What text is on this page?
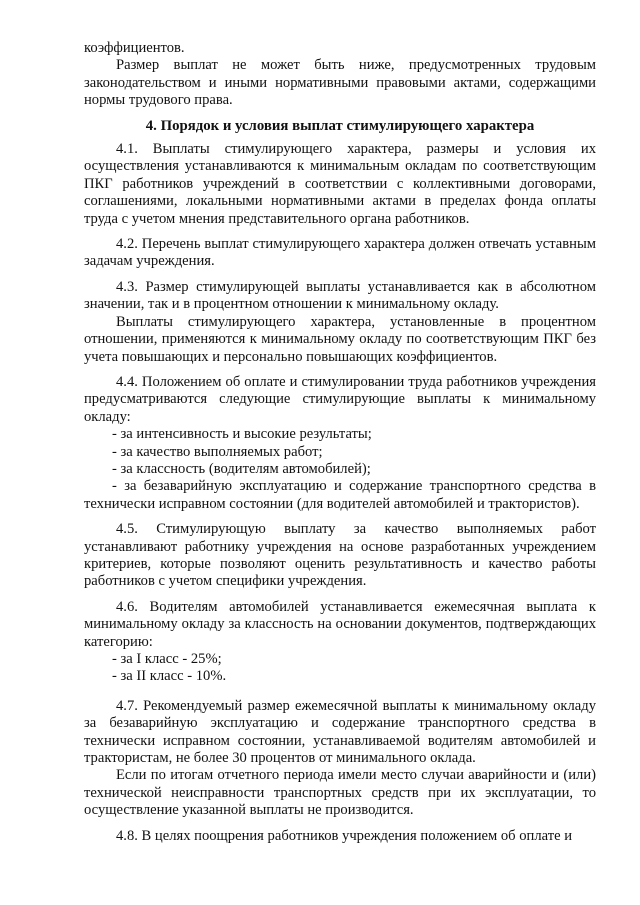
коэффициентов.

Размер выплат не может быть ниже, предусмотренных трудовым законодательством и иными нормативными правовыми актами, содержащими нормы трудового права.

4. Порядок и условия выплат стимулирующего характера

4.1. Выплаты стимулирующего характера, размеры и условия их осуществления устанавливаются к минимальным окладам по соответствующим ПКГ работников учреждений в соответствии с коллективными договорами, соглашениями, локальными нормативными актами в пределах фонда оплаты труда с учетом мнения представительного органа работников.

4.2. Перечень выплат стимулирующего характера должен отвечать уставным задачам учреждения.

4.3. Размер стимулирующей выплаты устанавливается как в абсолютном значении, так и в процентном отношении к минимальному окладу.

Выплаты стимулирующего характера, установленные в процентном отношении, применяются к минимальному окладу по соответствующим ПКГ без учета повышающих и персонально повышающих коэффициентов.

4.4. Положением об оплате и стимулировании труда работников учреждения предусматриваются следующие стимулирующие выплаты к минимальному окладу:

- за интенсивность и высокие результаты;

- за качество выполняемых работ;

- за классность (водителям автомобилей);

- за безаварийную эксплуатацию и содержание транспортного средства в технически исправном состоянии (для водителей автомобилей и трактористов).

4.5. Стимулирующую выплату за качество выполняемых работ устанавливают работнику учреждения на основе разработанных учреждением критериев, которые позволяют оценить результативность и качество работы работников с учетом специфики учреждения.

4.6. Водителям автомобилей устанавливается ежемесячная выплата к минимальному окладу за классность на основании документов, подтверждающих категорию:

- за I класс - 25%;

- за II класс - 10%.

4.7. Рекомендуемый размер ежемесячной выплаты к минимальному окладу за безаварийную эксплуатацию и содержание транспортного средства в технически исправном состоянии, устанавливаемой водителям автомобилей и трактористам, не более 30 процентов от минимального оклада.

Если по итогам отчетного периода имели место случаи аварийности и (или) технической неисправности транспортных средств при их эксплуатации, то осуществление указанной выплаты не производится.

4.8. В целях поощрения работников учреждения положением об оплате и
